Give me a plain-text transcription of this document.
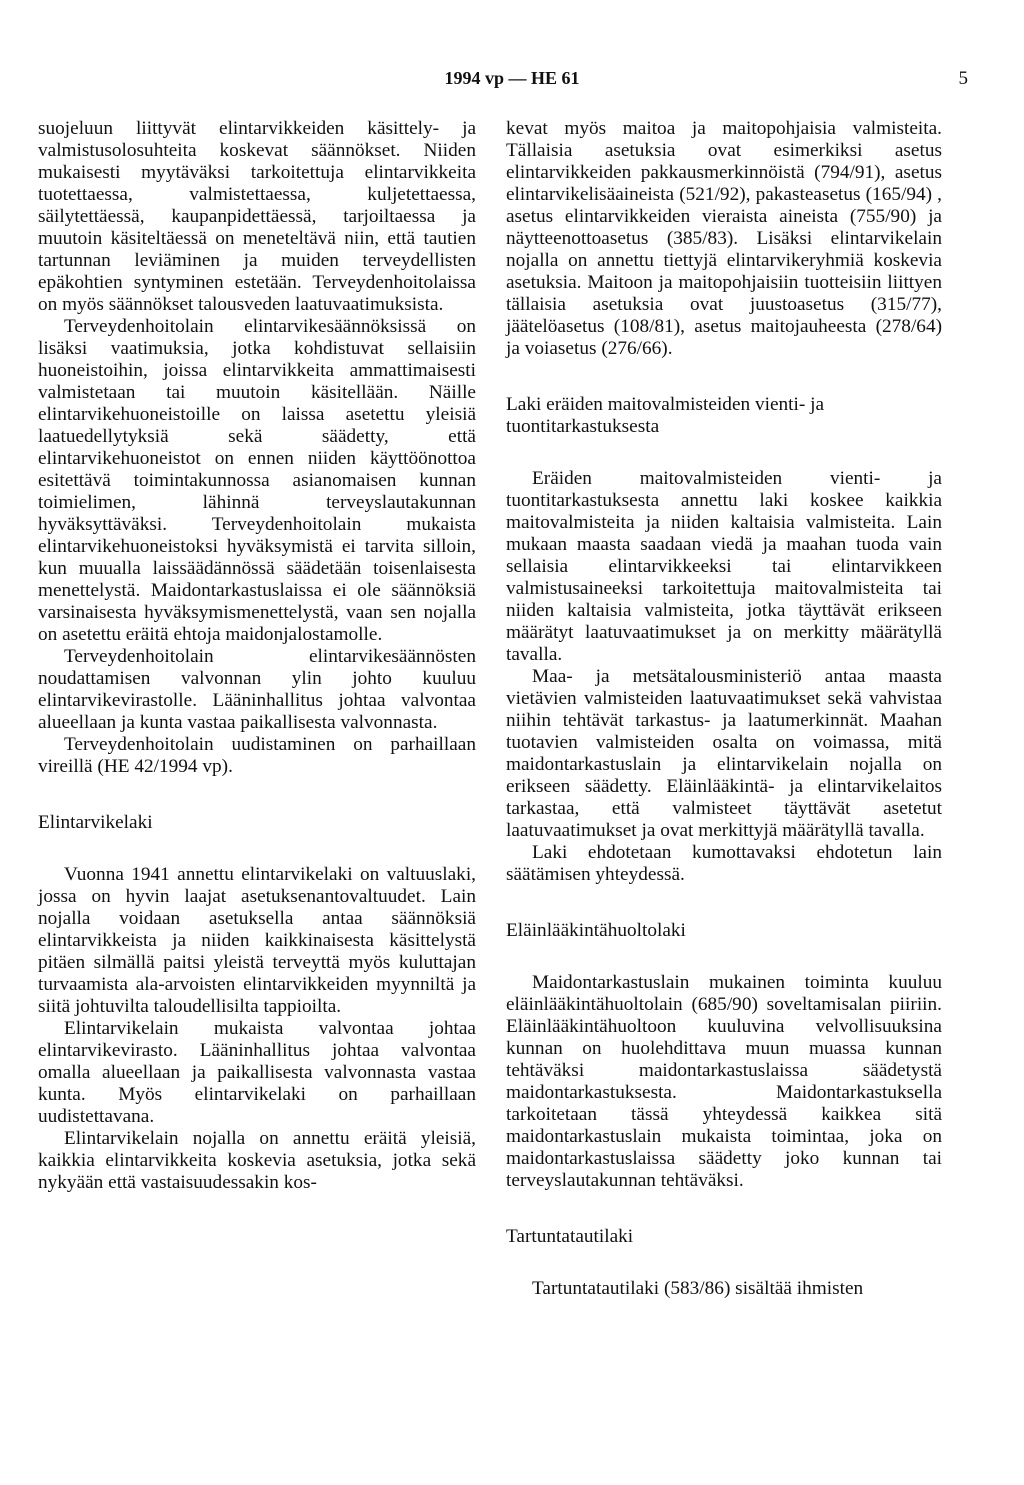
1994 vp — HE 61	5

suojeluun liittyvät elintarvikkeiden käsittely- ja valmistusolosuhteita koskevat säännökset. Niiden mukaisesti myytäväksi tarkoitettuja elintarvikkeita tuotettaessa, valmistettaessa, kuljetettaessa, säilytettäessä, kaupanpidettäessä, tarjoiltaessa ja muutoin käsiteltäessä on meneteltävä niin, että tautien tartunnan leviäminen ja muiden terveydellisten epäkohtien syntyminen estetään. Terveydenhoitolaissa on myös säännökset talousveden laatuvaatimuksista.

Terveydenhoitolain elintarvikesäännöksissä on lisäksi vaatimuksia, jotka kohdistuvat sellaisiin huoneistoihin, joissa elintarvikkeita ammattimaisesti valmistetaan tai muutoin käsitellään. Näille elintarvikehuoneistoille on laissa asetettu yleisiä laatuedellytyksiä sekä säädetty, että elintarvikehuoneistot on ennen niiden käyttöönottoa esitettävä toimintakunnossa asianomaisen kunnan toimielimen, lähinnä terveyslautakunnan hyväksyttäväksi. Terveydenhoitolain mukaista elintarvikehuoneistoksi hyväksymistä ei tarvita silloin, kun muualla laissäädännössä säädetään toisenlaisesta menettelystä. Maidontarkastuslaissa ei ole säännöksiä varsinaisesta hyväksymismenettelystä, vaan sen nojalla on asetettu eräitä ehtoja maidonjalostamolle.

Terveydenhoitolain elintarvikesäännösten noudattamisen valvonnan ylin johto kuuluu elintarvikevirastolle. Lääninhallitus johtaa valvontaa alueellaan ja kunta vastaa paikallisesta valvonnasta.

Terveydenhoitolain uudistaminen on parhaillaan vireillä (HE 42/1994 vp).

Elintarvikelaki

Vuonna 1941 annettu elintarvikelaki on valtuuslaki, jossa on hyvin laajat asetuksenantovaltuudet. Lain nojalla voidaan asetuksella antaa säännöksiä elintarvikkeista ja niiden kaikkinaisesta käsittelystä pitäen silmällä paitsi yleistä terveyttä myös kuluttajan turvaamista ala-arvoisten elintarvikkeiden myynniltä ja siitä johtuvilta taloudellisilta tappioilta.

Elintarvikelain mukaista valvontaa johtaa elintarvikevirasto. Lääninhallitus johtaa valvontaa omalla alueellaan ja paikallisesta valvonnasta vastaa kunta. Myös elintarvikelaki on parhaillaan uudistettavana.

Elintarvikelain nojalla on annettu eräitä yleisiä, kaikkia elintarvikkeita koskevia asetuksia, jotka sekä nykyään että vastaisuudessakin kos-

kevat myös maitoa ja maitopohjaisia valmisteita. Tällaisia asetuksia ovat esimerkiksi asetus elintarvikkeiden pakkausmerkinnöistä (794/91), asetus elintarvikelisäaineista (521/92), pakasteasetus (165/94) , asetus elintarvikkeiden vieraista aineista (755/90) ja näytteenottoasetus (385/83). Lisäksi elintarvikelain nojalla on annettu tiettyjä elintarvikeryhmiä koskevia asetuksia. Maitoon ja maitopohjaisiin tuotteisiin liittyen tällaisia asetuksia ovat juustoasetus (315/77), jäätelöasetus (108/81), asetus maitojauheesta (278/64) ja voiasetus (276/66).

Laki eräiden maitovalmisteiden vienti- ja tuontitarkastuksesta

Eräiden maitovalmisteiden vienti- ja tuontitarkastuksesta annettu laki koskee kaikkia maitovalmisteita ja niiden kaltaisia valmisteita. Lain mukaan maasta saadaan viedä ja maahan tuoda vain sellaisia elintarvikkeeksi tai elintarvikkeen valmistusaineeksi tarkoitettuja maitovalmisteita tai niiden kaltaisia valmisteita, jotka täyttävät erikseen määrätyt laatuvaatimukset ja on merkitty määrätyllä tavalla.

Maa- ja metsätalousministeriö antaa maasta vietävien valmisteiden laatuvaatimukset sekä vahvistaa niihin tehtävät tarkastus- ja laatumerkinnät. Maahan tuotavien valmisteiden osalta on voimassa, mitä maidontarkastuslain ja elintarvikelain nojalla on erikseen säädetty. Eläinlääkintä- ja elintarvikelaitos tarkastaa, että valmisteet täyttävät asetetut laatuvaatimukset ja ovat merkittyjä määrätyllä tavalla.

Laki ehdotetaan kumottavaksi ehdotetun lain säätämisen yhteydessä.

Eläinlääkintähuoltolaki

Maidontarkastuslain mukainen toiminta kuuluu eläinlääkintähuoltolain (685/90) soveltamisalan piiriin. Eläinlääkintähuoltoon kuuluvina velvollisuuksina kunnan on huolehdittava muun muassa kunnan tehtäväksi maidontarkastuslaissa säädetystä maidontarkastuksesta. Maidontarkastuksella tarkoitetaan tässä yhteydessä kaikkea sitä maidontarkastuslain mukaista toimintaa, joka on maidontarkastuslaissa säädetty joko kunnan tai terveyslautakunnan tehtäväksi.

Tartuntatautilaki

Tartuntatautilaki (583/86) sisältää ihmisten
